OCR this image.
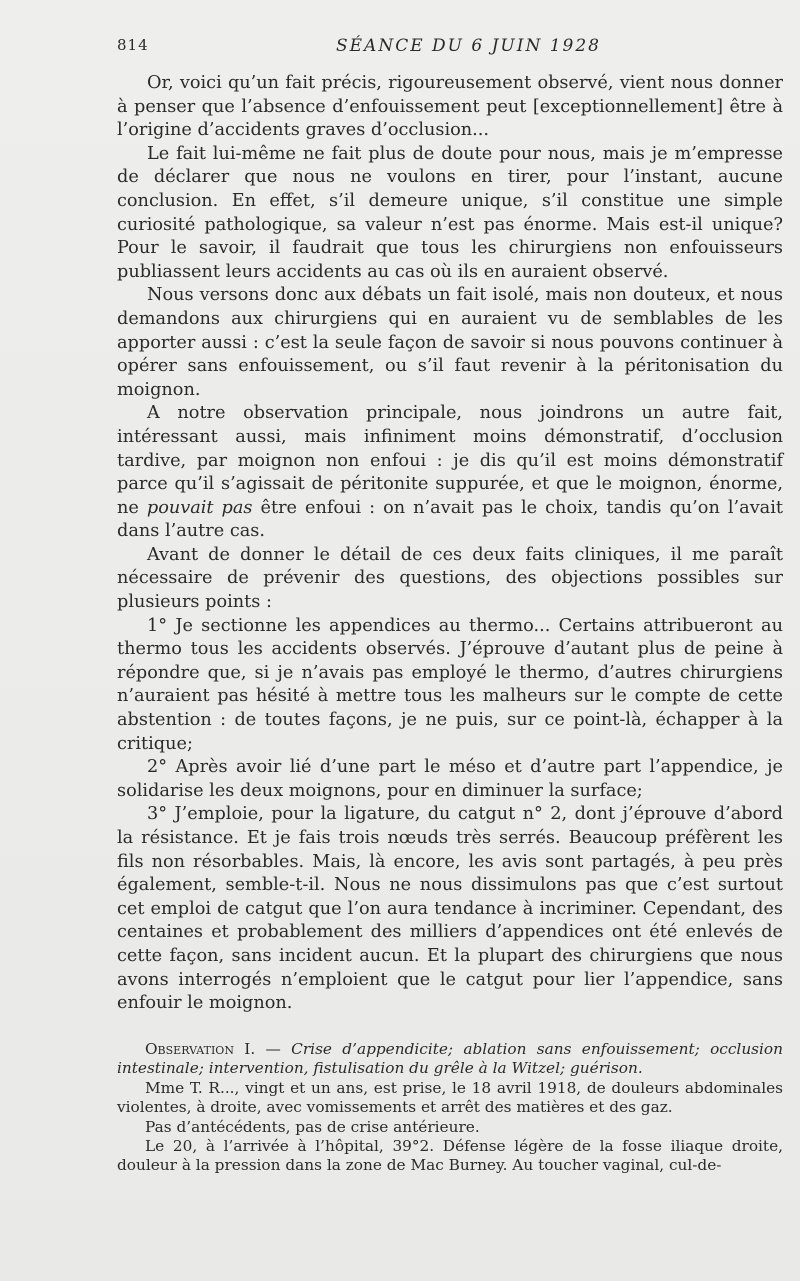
814	SÉANCE DU 6 JUIN 1928

Or, voici qu’un fait précis, rigoureusement observé, vient nous donner à penser que l’absence d’enfouissement peut [exceptionnellement] être à l’origine d’accidents graves d’occlusion...

Le fait lui-même ne fait plus de doute pour nous, mais je m’empresse de déclarer que nous ne voulons en tirer, pour l’instant, aucune conclusion. En effet, s’il demeure unique, s’il constitue une simple curiosité pathologique, sa valeur n’est pas énorme. Mais est-il unique? Pour le savoir, il faudrait que tous les chirurgiens non enfouisseurs publiassent leurs accidents au cas où ils en auraient observé.

Nous versons donc aux débats un fait isolé, mais non douteux, et nous demandons aux chirurgiens qui en auraient vu de semblables de les apporter aussi : c’est la seule façon de savoir si nous pouvons continuer à opérer sans enfouissement, ou s’il faut revenir à la péritonisation du moignon.

A notre observation principale, nous joindrons un autre fait, intéressant aussi, mais infiniment moins démonstratif, d’occlusion tardive, par moignon non enfoui : je dis qu’il est moins démonstratif parce qu’il s’agissait de péritonite suppurée, et que le moignon, énorme, ne pouvait pas être enfoui : on n’avait pas le choix, tandis qu’on l’avait dans l’autre cas.

Avant de donner le détail de ces deux faits cliniques, il me paraît nécessaire de prévenir des questions, des objections possibles sur plusieurs points :

1° Je sectionne les appendices au thermo... Certains attribueront au thermo tous les accidents observés. J’éprouve d’autant plus de peine à répondre que, si je n’avais pas employé le thermo, d’autres chirurgiens n’auraient pas hésité à mettre tous les malheurs sur le compte de cette abstention : de toutes façons, je ne puis, sur ce point-là, échapper à la critique;

2° Après avoir lié d’une part le méso et d’autre part l’appendice, je solidarise les deux moignons, pour en diminuer la surface;

3° J’emploie, pour la ligature, du catgut n° 2, dont j’éprouve d’abord la résistance. Et je fais trois nœuds très serrés. Beaucoup préfèrent les fils non résorbables. Mais, là encore, les avis sont partagés, à peu près également, semble-t-il. Nous ne nous dissimulons pas que c’est surtout cet emploi de catgut que l’on aura tendance à incriminer. Cependant, des centaines et probablement des milliers d’appendices ont été enlevés de cette façon, sans incident aucun. Et la plupart des chirurgiens que nous avons interrogés n’emploient que le catgut pour lier l’appendice, sans enfouir le moignon.

Observation I. — Crise d’appendicite; ablation sans enfouissement; occlusion intestinale; intervention, fistulisation du grêle à la Witzel; guérison.

Mme T. R..., vingt et un ans, est prise, le 18 avril 1918, de douleurs abdominales violentes, à droite, avec vomissements et arrêt des matières et des gaz.

Pas d’antécédents, pas de crise antérieure.

Le 20, à l’arrivée à l’hôpital, 39°2. Défense légère de la fosse iliaque droite, douleur à la pression dans la zone de Mac Burney. Au toucher vaginal, cul-de-
